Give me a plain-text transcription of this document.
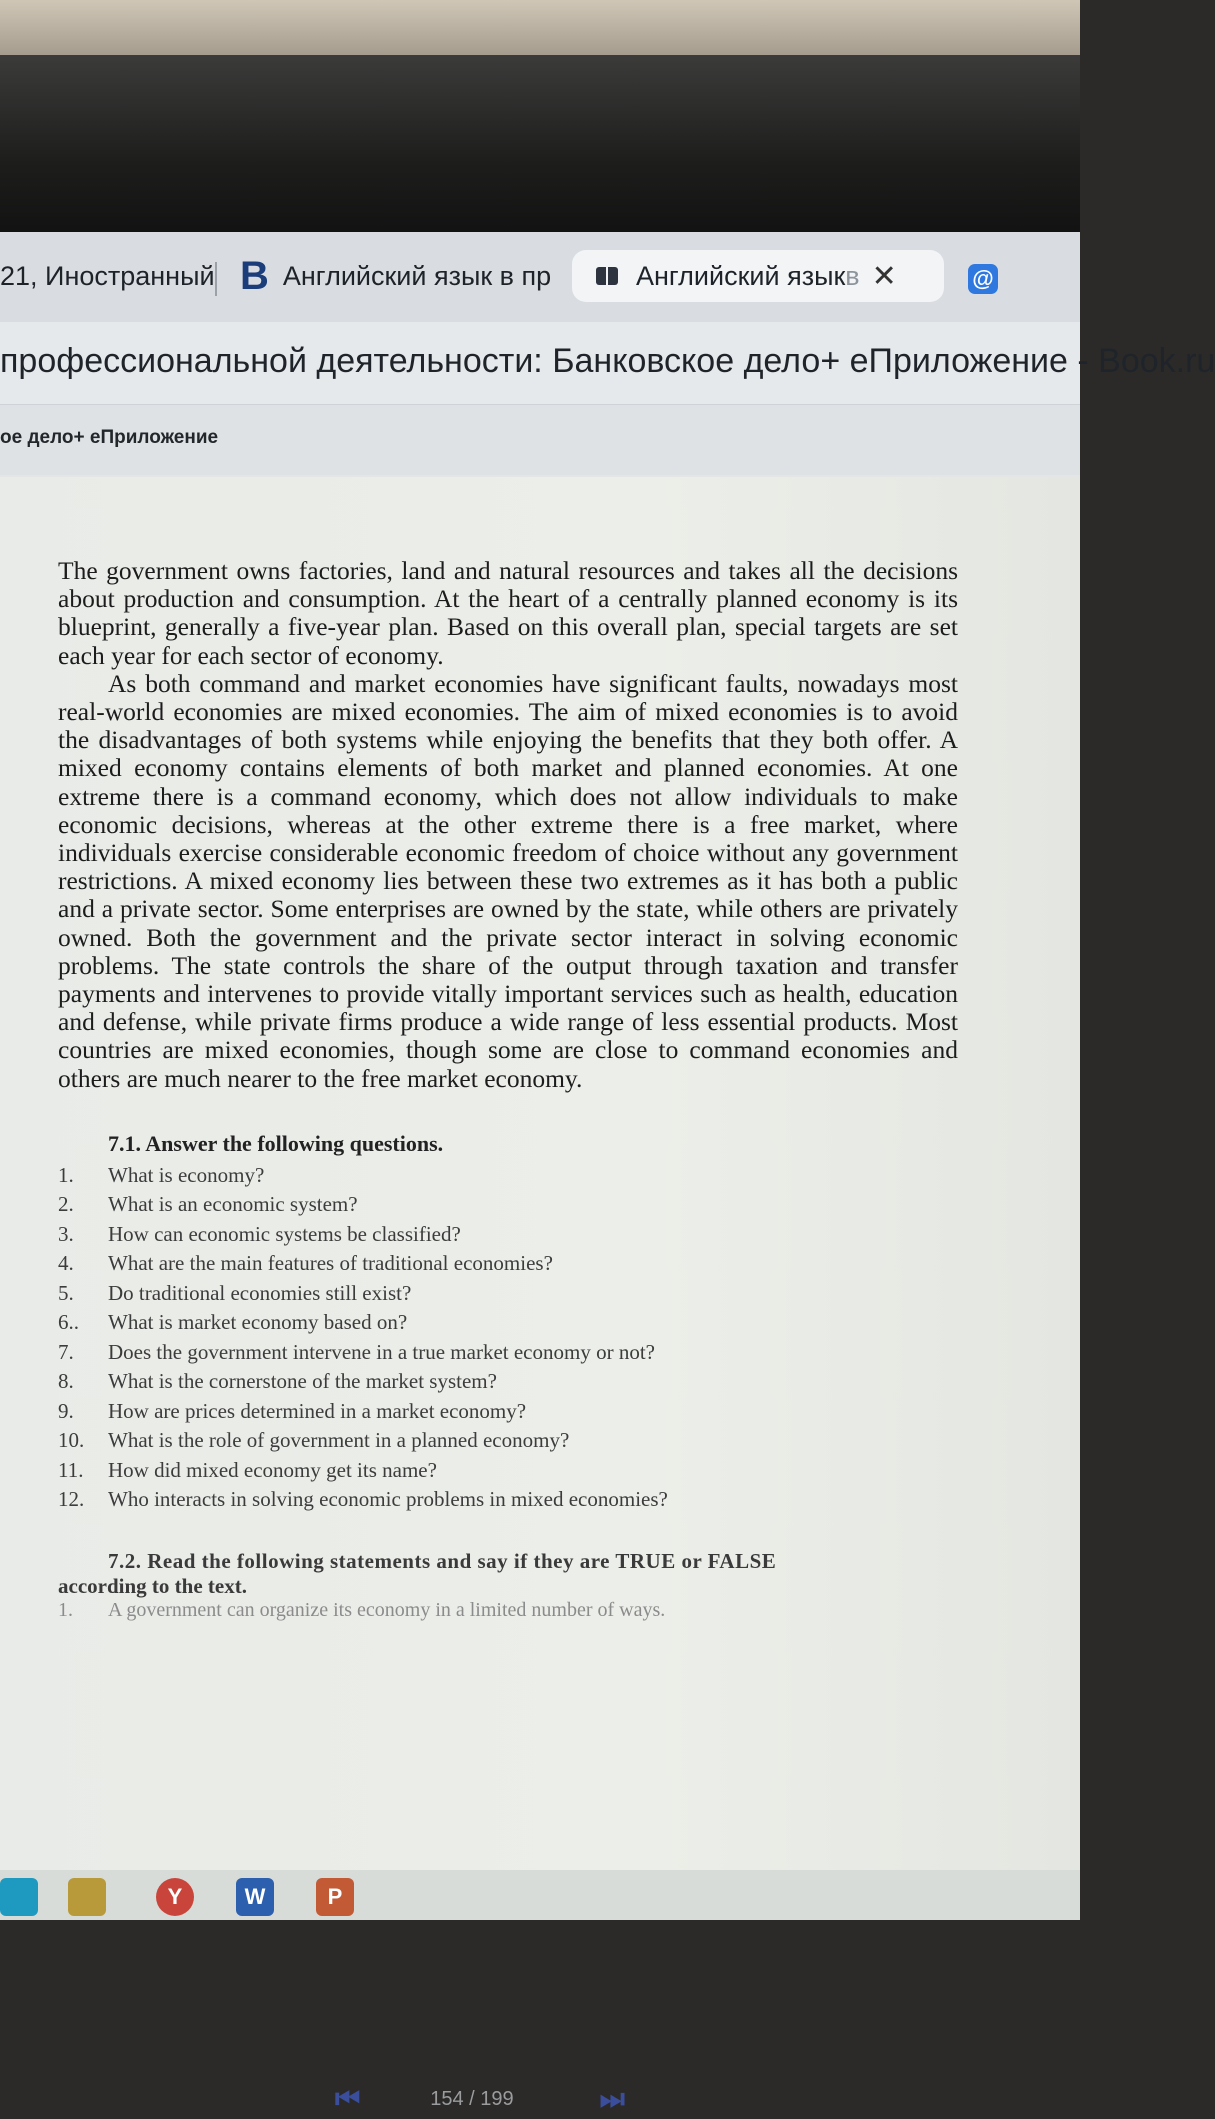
21, Иностранный B Английский язык в пр	Английский язык в ✕	@
профессиональной деятельности: Банковское дело+ еПриложение - Book.ru
ое дело+ еПриложение

The government owns factories, land and natural resources and takes all the decisions about production and consumption. At the heart of a centrally planned economy is its blueprint, generally a five-year plan. Based on this overall plan, special targets are set each year for each sector of economy.

As both command and market economies have significant faults, nowadays most real-world economies are mixed economies. The aim of mixed economies is to avoid the disadvantages of both systems while enjoying the benefits that they both offer. A mixed economy contains elements of both market and planned economies. At one extreme there is a command economy, which does not allow individuals to make economic decisions, whereas at the other extreme there is a free market, where individuals exercise considerable economic freedom of choice without any government restrictions. A mixed economy lies between these two extremes as it has both a public and a private sector. Some enterprises are owned by the state, while others are privately owned. Both the government and the private sector interact in solving economic problems. The state controls the share of the output through taxation and transfer payments and intervenes to provide vitally important services such as health, education and defense, while private firms produce a wide range of less essential products. Most countries are mixed economies, though some are close to command economies and others are much nearer to the free market economy.

7.1. Answer the following questions.
1.	What is economy?
2.	What is an economic system?
3.	How can economic systems be classified?
4.	What are the main features of traditional economies?
5.	Do traditional economies still exist?
6..	What is market economy based on?
7.	Does the government intervene in a true market economy or not?
8.	What is the cornerstone of the market system?
9.	How are prices determined in a market economy?
10.	What is the role of government in a planned economy?
11.	How did mixed economy get its name?
12.	Who interacts in solving economic problems in mixed economies?
7.2. Read the following statements and say if they are TRUE or FALSE

according to the text.

1.	A government can organize its economy in a limited number of ways.
⏮	154 / 199	⏭
Y	W	P
